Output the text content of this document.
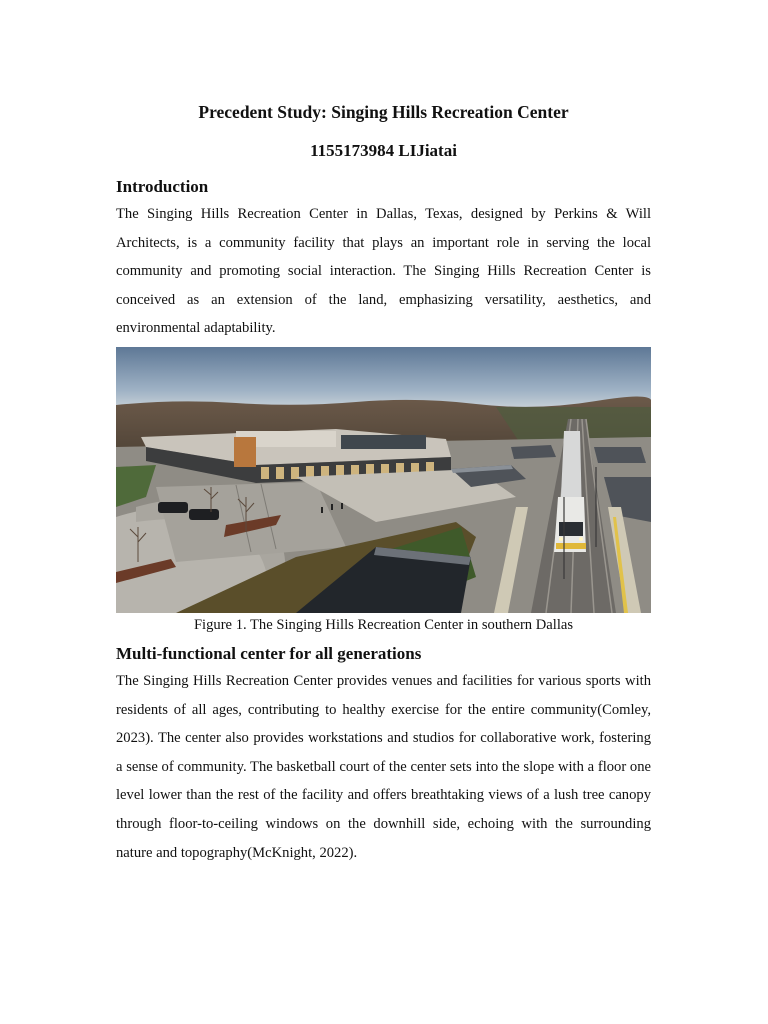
Precedent Study: Singing Hills Recreation Center

1155173984 LIJiatai

Introduction

The Singing Hills Recreation Center in Dallas, Texas, designed by Perkins & Will Architects, is a community facility that plays an important role in serving the local community and promoting social interaction. The Singing Hills Recreation Center is conceived as an extension of the land, emphasizing versatility, aesthetics, and environmental adaptability.

Figure 1. The Singing Hills Recreation Center in southern Dallas

Multi-functional center for all generations

The Singing Hills Recreation Center provides venues and facilities for various sports with residents of all ages, contributing to healthy exercise for the entire community(Comley, 2023). The center also provides workstations and studios for collaborative work, fostering a sense of community. The basketball court of the center sets into the slope with a floor one level lower than the rest of the facility and offers breathtaking views of a lush tree canopy through floor-to-ceiling windows on the downhill side, echoing with the surrounding nature and topography(McKnight, 2022).
